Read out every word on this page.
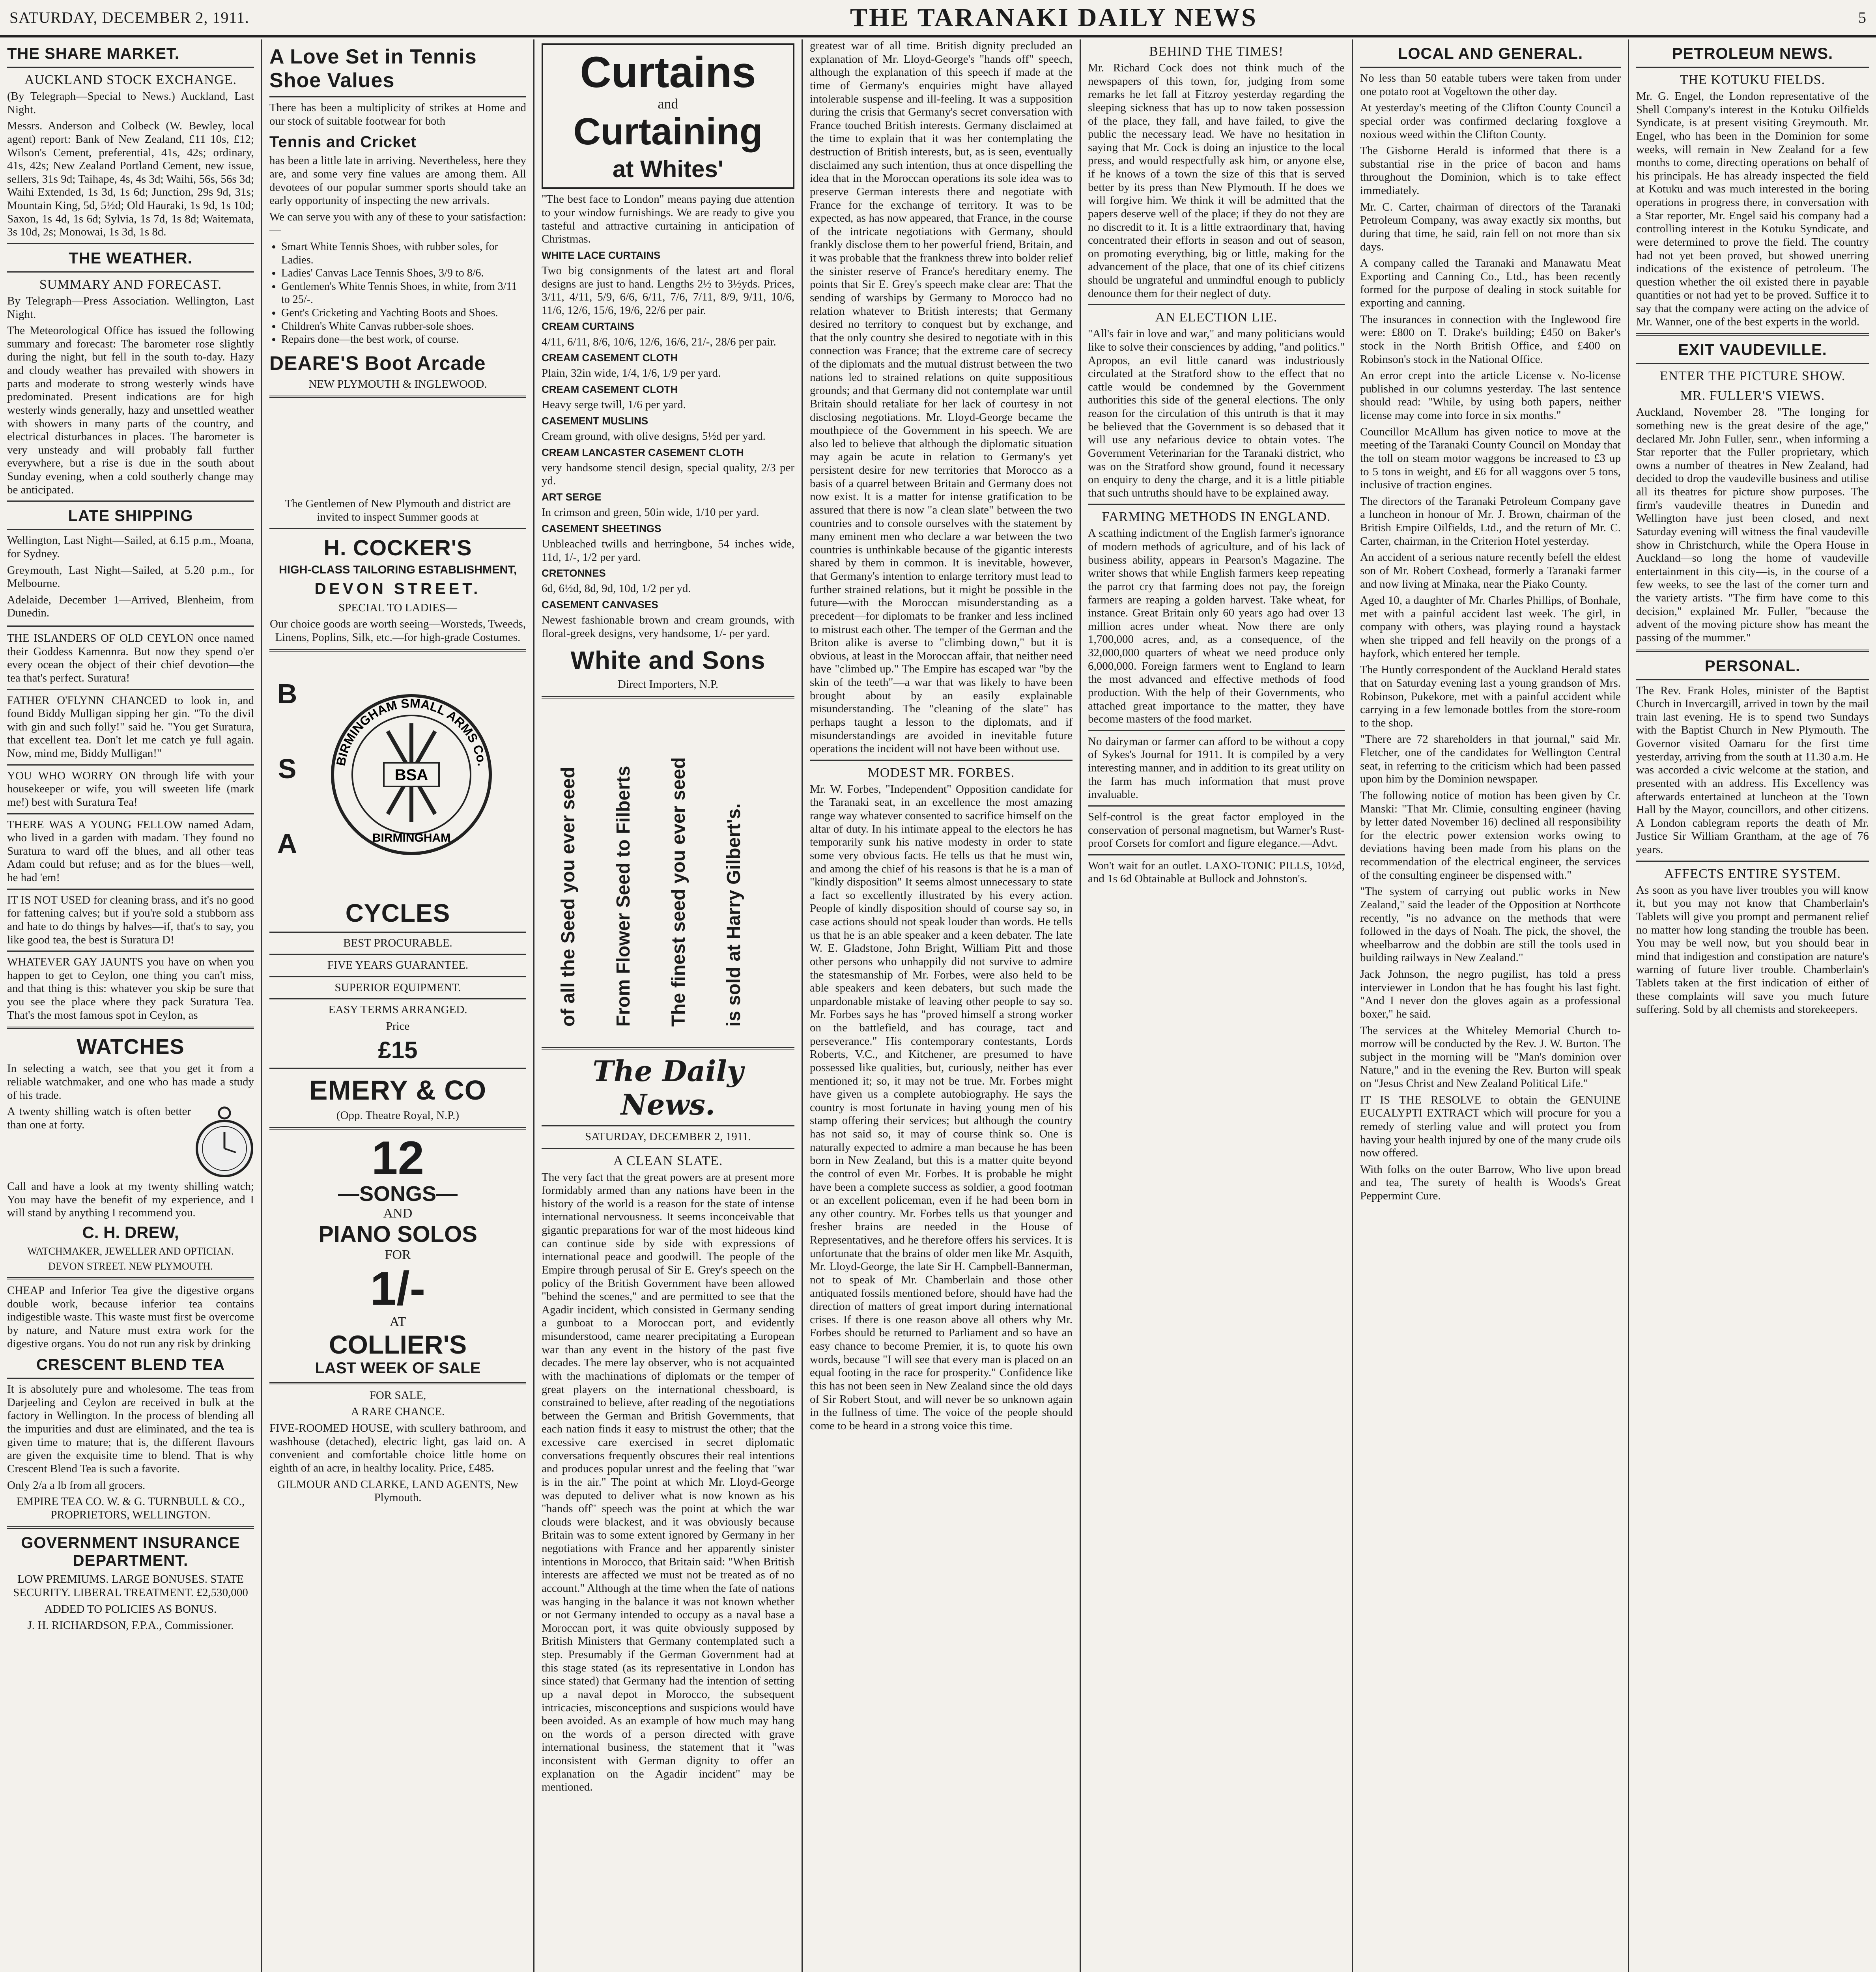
SATURDAY, DECEMBER 2, 1911.	THE TARANAKI DAILY NEWS	5
THE SHARE MARKET.
AUCKLAND STOCK EXCHANGE.

(By Telegraph—Special to News.) Auckland, Last Night.

Messrs. Anderson and Colbeck (W. Bewley, local agent) report: Bank of New Zealand, £11 10s, £12; Wilson's Cement, preferential, 41s, 42s; ordinary, 41s, 42s; New Zealand Portland Cement, new issue, sellers, 31s 9d; Taihape, 4s, 4s 3d; Waihi, 56s, 56s 3d; Waihi Extended, 1s 3d, 1s 6d; Junction, 29s 9d, 31s; Mountain King, 5d, 5½d; Old Hauraki, 1s 9d, 1s 10d; Saxon, 1s 4d, 1s 6d; Sylvia, 1s 7d, 1s 8d; Waitemata, 3s 10d, 2s; Monowai, 1s 3d, 1s 8d.

THE WEATHER.
SUMMARY AND FORECAST.

By Telegraph—Press Association. Wellington, Last Night.

The Meteorological Office has issued the following summary and forecast: The barometer rose slightly during the night, but fell in the south to-day. Hazy and cloudy weather has prevailed with showers in parts and moderate to strong westerly winds have predominated. Present indications are for high westerly winds generally, hazy and unsettled weather with showers in many parts of the country, and electrical disturbances in places. The barometer is very unsteady and will probably fall further everywhere, but a rise is due in the south about Sunday evening, when a cold southerly change may be anticipated.

LATE SHIPPING

Wellington, Last Night—Sailed, at 6.15 p.m., Moana, for Sydney.

Greymouth, Last Night—Sailed, at 5.20 p.m., for Melbourne.

Adelaide, December 1—Arrived, Blenheim, from Dunedin.

THE ISLANDERS OF OLD CEYLON once named their Goddess Kamennra. But now they spend o'er every ocean the object of their chief devotion—the tea that's perfect. Suratura!

FATHER O'FLYNN CHANCED to look in, and found Biddy Mulligan sipping her gin. "To the divil with gin and such folly!" said he. "You get Suratura, that excellent tea. Don't let me catch ye full again. Now, mind me, Biddy Mulligan!"

YOU WHO WORRY ON through life with your housekeeper or wife, you will sweeten life (mark me!) best with Suratura Tea!

THERE WAS A YOUNG FELLOW named Adam, who lived in a garden with madam. They found no Suratura to ward off the blues, and all other teas Adam could but refuse; and as for the blues—well, he had 'em!

IT IS NOT USED for cleaning brass, and it's no good for fattening calves; but if you're sold a stubborn ass and hate to do things by halves—if, that's to say, you like good tea, the best is Suratura D!

WHATEVER GAY JAUNTS you have on when you happen to get to Ceylon, one thing you can't miss, and that thing is this: whatever you skip be sure that you see the place where they pack Suratura Tea. That's the most famous spot in Ceylon, as

WATCHES

In selecting a watch, see that you get it from a reliable watchmaker, and one who has made a study of his trade.

A twenty shilling watch is often better than one at forty.

Call and have a look at my twenty shilling watch; You may have the benefit of my experience, and I will stand by anything I recommend you.

C. H. DREW,

WATCHMAKER, JEWELLER AND OPTICIAN.

DEVON STREET. NEW PLYMOUTH.

CHEAP and Inferior Tea give the digestive organs double work, because inferior tea contains indigestible waste. This waste must first be overcome by nature, and Nature must extra work for the digestive organs. You do not run any risk by drinking

CRESCENT BLEND TEA

It is absolutely pure and wholesome. The teas from Darjeeling and Ceylon are received in bulk at the factory in Wellington. In the process of blending all the impurities and dust are eliminated, and the tea is given time to mature; that is, the different flavours are given the exquisite time to blend. That is why Crescent Blend Tea is such a favorite.

Only 2/a a lb from all grocers.

EMPIRE TEA CO. W. & G. TURNBULL & CO., PROPRIETORS, WELLINGTON.

GOVERNMENT INSURANCE DEPARTMENT.

LOW PREMIUMS. LARGE BONUSES. STATE SECURITY. LIBERAL TREATMENT. £2,530,000

ADDED TO POLICIES AS BONUS.

J. H. RICHARDSON, F.P.A., Commissioner.

A Love Set in Tennis Shoe Values

There has been a multiplicity of strikes at Home and our stock of suitable footwear for both

Tennis and Cricket

has been a little late in arriving. Nevertheless, here they are, and some very fine values are among them. All devotees of our popular summer sports should take an early opportunity of inspecting the new arrivals.

We can serve you with any of these to your satisfaction:—

• Smart White Tennis Shoes, with rubber soles, for Ladies.
• Ladies' Canvas Lace Tennis Shoes, 3/9 to 8/6.
• Gentlemen's White Tennis Shoes, in white, from 3/11 to 25/-.
• Gent's Cricketing and Yachting Boots and Shoes.
• Children's White Canvas rubber-sole shoes.
• Repairs done—the best work, of course.
DEARE'S Boot Arcade

NEW PLYMOUTH & INGLEWOOD.

The Gentlemen of New Plymouth and district are invited to inspect Summer goods at

H. COCKER'S

HIGH-CLASS TAILORING ESTABLISHMENT,

DEVON STREET.

SPECIAL TO LADIES—

Our choice goods are worth seeing—Worsteds, Tweeds, Linens, Poplins, Silk, etc.—for high-grade Costumes.

B
S
A
BIRMINGHAM SMALL ARMS Co.
BSA
BIRMINGHAM
CYCLES

BEST PROCURABLE.

FIVE YEARS GUARANTEE.

SUPERIOR EQUIPMENT.

EASY TERMS ARRANGED.

Price

£15

EMERY & CO

(Opp. Theatre Royal, N.P.)

12
—SONGS—
AND
PIANO SOLOS
FOR
1/-
AT
COLLIER'S
LAST WEEK OF SALE

FOR SALE,

A RARE CHANCE.

FIVE-ROOMED HOUSE, with scullery bathroom, and washhouse (detached), electric light, gas laid on. A convenient and comfortable choice little home on eighth of an acre, in healthy locality. Price, £485.

GILMOUR AND CLARKE, LAND AGENTS, New Plymouth.

Curtains
and
Curtaining
at Whites'

"The best face to London" means paying due attention to your window furnishings. We are ready to give you tasteful and attractive curtaining in anticipation of Christmas.

WHITE LACE CURTAINS

Two big consignments of the latest art and floral designs are just to hand. Lengths 2½ to 3½yds. Prices, 3/11, 4/11, 5/9, 6/6, 6/11, 7/6, 7/11, 8/9, 9/11, 10/6, 11/6, 12/6, 15/6, 19/6, 22/6 per pair.

CREAM CURTAINS

4/11, 6/11, 8/6, 10/6, 12/6, 16/6, 21/-, 28/6 per pair.

CREAM CASEMENT CLOTH

Plain, 32in wide, 1/4, 1/6, 1/9 per yard.

CREAM CASEMENT CLOTH

Heavy serge twill, 1/6 per yard.

CASEMENT MUSLINS

Cream ground, with olive designs, 5½d per yard.

CREAM LANCASTER CASEMENT CLOTH

very handsome stencil design, special quality, 2/3 per yd.

ART SERGE

In crimson and green, 50in wide, 1/10 per yard.

CASEMENT SHEETINGS

Unbleached twills and herringbone, 54 inches wide, 11d, 1/-, 1/2 per yard.

CRETONNES

6d, 6½d, 8d, 9d, 10d, 1/2 per yd.

CASEMENT CANVASES

Newest fashionable brown and cream grounds, with floral-greek designs, very handsome, 1/- per yard.

White and Sons

Direct Importers, N.P.

of all the Seed you ever seed From Flower Seed to Filberts The finest seed you ever seed is sold at Harry Gilbert's.
The Daily News.

SATURDAY, DECEMBER 2, 1911.

A CLEAN SLATE.

The very fact that the great powers are at present more formidably armed than any nations have been in the history of the world is a reason for the state of intense international nervousness. It seems inconceivable that gigantic preparations for war of the most hideous kind can continue side by side with expressions of international peace and goodwill. The people of the Empire through perusal of Sir E. Grey's speech on the policy of the British Government have been allowed "behind the scenes," and are permitted to see that the Agadir incident, which consisted in Germany sending a gunboat to a Moroccan port, and evidently misunderstood, came nearer precipitating a European war than any event in the history of the past five decades. The mere lay observer, who is not acquainted with the machinations of diplomats or the temper of great players on the international chessboard, is constrained to believe, after reading of the negotiations between the German and British Governments, that each nation finds it easy to mistrust the other; that the excessive care exercised in secret diplomatic conversations frequently obscures their real intentions and produces popular unrest and the feeling that "war is in the air." The point at which Mr. Lloyd-George was deputed to deliver what is now known as his "hands off" speech was the point at which the war clouds were blackest, and it was obviously because Britain was to some extent ignored by Germany in her negotiations with France and her apparently sinister intentions in Morocco, that Britain said: "When British interests are affected we must not be treated as of no account." Although at the time when the fate of nations was hanging in the balance it was not known whether or not Germany intended to occupy as a naval base a Moroccan port, it was quite obviously supposed by British Ministers that Germany contemplated such a step. Presumably if the German Government had at this stage stated (as its representative in London has since stated) that Germany had the intention of setting up a naval depot in Morocco, the subsequent intricacies, misconceptions and suspicions would have been avoided. As an example of how much may hang on the words of a person directed with grave international business, the statement that it "was inconsistent with German dignity to offer an explanation on the Agadir incident" may be mentioned.

greatest war of all time. British dignity precluded an explanation of Mr. Lloyd-George's "hands off" speech, although the explanation of this speech if made at the time of Germany's enquiries might have allayed intolerable suspense and ill-feeling. It was a supposition during the crisis that Germany's secret conversation with France touched British interests. Germany disclaimed at the time to explain that it was her contemplating the destruction of British interests, but, as is seen, eventually disclaimed any such intention, thus at once dispelling the idea that in the Moroccan operations its sole idea was to preserve German interests there and negotiate with France for the exchange of territory. It was to be expected, as has now appeared, that France, in the course of the intricate negotiations with Germany, should frankly disclose them to her powerful friend, Britain, and it was probable that the frankness threw into bolder relief the sinister reserve of France's hereditary enemy. The points that Sir E. Grey's speech make clear are: That the sending of warships by Germany to Morocco had no relation whatever to British interests; that Germany desired no territory to conquest but by exchange, and that the only country she desired to negotiate with in this connection was France; that the extreme care of secrecy of the diplomats and the mutual distrust between the two nations led to strained relations on quite suppositious grounds; and that Germany did not contemplate war until Britain should retaliate for her lack of courtesy in not disclosing negotiations. Mr. Lloyd-George became the mouthpiece of the Government in his speech. We are also led to believe that although the diplomatic situation may again be acute in relation to Germany's yet persistent desire for new territories that Morocco as a basis of a quarrel between Britain and Germany does not now exist. It is a matter for intense gratification to be assured that there is now "a clean slate" between the two countries and to console ourselves with the statement by many eminent men who declare a war between the two countries is unthinkable because of the gigantic interests shared by them in common. It is inevitable, however, that Germany's intention to enlarge territory must lead to further strained relations, but it might be possible in the future—with the Moroccan misunderstanding as a precedent—for diplomats to be franker and less inclined to mistrust each other. The temper of the German and the Briton alike is averse to "climbing down," but it is obvious, at least in the Moroccan affair, that neither need have "climbed up." The Empire has escaped war "by the skin of the teeth"—a war that was likely to have been brought about by an easily explainable misunderstanding. The "cleaning of the slate" has perhaps taught a lesson to the diplomats, and if misunderstandings are avoided in inevitable future operations the incident will not have been without use.

MODEST MR. FORBES.

Mr. W. Forbes, "Independent" Opposition candidate for the Taranaki seat, in an excellence the most amazing range way whatever consented to sacrifice himself on the altar of duty. In his intimate appeal to the electors he has temporarily sunk his native modesty in order to state some very obvious facts. He tells us that he must win, and among the chief of his reasons is that he is a man of "kindly disposition" It seems almost unnecessary to state a fact so excellently illustrated by his every action. People of kindly disposition should of course say so, in case actions should not speak louder than words. He tells us that he is an able speaker and a keen debater. The late W. E. Gladstone, John Bright, William Pitt and those other persons who unhappily did not survive to admire the statesmanship of Mr. Forbes, were also held to be able speakers and keen debaters, but such made the unpardonable mistake of leaving other people to say so. Mr. Forbes says he has "proved himself a strong worker on the battlefield, and has courage, tact and perseverance." His contemporary contestants, Lords Roberts, V.C., and Kitchener, are presumed to have possessed like qualities, but, curiously, neither has ever mentioned it; so, it may not be true. Mr. Forbes might have given us a complete autobiography. He says the country is most fortunate in having young men of his stamp offering their services; but although the country has not said so, it may of course think so. One is naturally expected to admire a man because he has been born in New Zealand, but this is a matter quite beyond the control of even Mr. Forbes. It is probable he might have been a complete success as soldier, a good footman or an excellent policeman, even if he had been born in any other country. Mr. Forbes tells us that younger and fresher brains are needed in the House of Representatives, and he therefore offers his services. It is unfortunate that the brains of older men like Mr. Asquith, Mr. Lloyd-George, the late Sir H. Campbell-Bannerman, not to speak of Mr. Chamberlain and those other antiquated fossils mentioned before, should have had the direction of matters of great import during international crises. If there is one reason above all others why Mr. Forbes should be returned to Parliament and so have an easy chance to become Premier, it is, to quote his own words, because "I will see that every man is placed on an equal footing in the race for prosperity." Confidence like this has not been seen in New Zealand since the old days of Sir Robert Stout, and will never be so unknown again in the fullness of time. The voice of the people should come to be heard in a strong voice this time.

BEHIND THE TIMES!

Mr. Richard Cock does not think much of the newspapers of this town, for, judging from some remarks he let fall at Fitzroy yesterday regarding the sleeping sickness that has up to now taken possession of the place, they fall, and have failed, to give the public the necessary lead. We have no hesitation in saying that Mr. Cock is doing an injustice to the local press, and would respectfully ask him, or anyone else, if he knows of a town the size of this that is served better by its press than New Plymouth. If he does we will forgive him. We think it will be admitted that the papers deserve well of the place; if they do not they are no discredit to it. It is a little extraordinary that, having concentrated their efforts in season and out of season, on promoting everything, big or little, making for the advancement of the place, that one of its chief citizens should be ungrateful and unmindful enough to publicly denounce them for their neglect of duty.

AN ELECTION LIE.

"All's fair in love and war," and many politicians would like to solve their consciences by adding, "and politics." Apropos, an evil little canard was industriously circulated at the Stratford show to the effect that no cattle would be condemned by the Government authorities this side of the general elections. The only reason for the circulation of this untruth is that it may be believed that the Government is so debased that it will use any nefarious device to obtain votes. The Government Veterinarian for the Taranaki district, who was on the Stratford show ground, found it necessary on enquiry to deny the charge, and it is a little pitiable that such untruths should have to be explained away.

FARMING METHODS IN ENGLAND.

A scathing indictment of the English farmer's ignorance of modern methods of agriculture, and of his lack of business ability, appears in Pearson's Magazine. The writer shows that while English farmers keep repeating the parrot cry that farming does not pay, the foreign farmers are reaping a golden harvest. Take wheat, for instance. Great Britain only 60 years ago had over 13 million acres under wheat. Now there are only 1,700,000 acres, and, as a consequence, of the 32,000,000 quarters of wheat we need produce only 6,000,000. Foreign farmers went to England to learn the most advanced and effective methods of food production. With the help of their Governments, who attached great importance to the matter, they have become masters of the food market.

No dairyman or farmer can afford to be without a copy of Sykes's Journal for 1911. It is compiled by a very interesting manner, and in addition to its great utility on the farm has much information that must prove invaluable.

Self-control is the great factor employed in the conservation of personal magnetism, but Warner's Rust-proof Corsets for comfort and figure elegance.—Advt.

Won't wait for an outlet. LAXO-TONIC PILLS, 10½d, and 1s 6d Obtainable at Bullock and Johnston's.

LOCAL AND GENERAL.

No less than 50 eatable tubers were taken from under one potato root at Vogeltown the other day.

At yesterday's meeting of the Clifton County Council a special order was confirmed declaring foxglove a noxious weed within the Clifton County.

The Gisborne Herald is informed that there is a substantial rise in the price of bacon and hams throughout the Dominion, which is to take effect immediately.

Mr. C. Carter, chairman of directors of the Taranaki Petroleum Company, was away exactly six months, but during that time, he said, rain fell on not more than six days.

A company called the Taranaki and Manawatu Meat Exporting and Canning Co., Ltd., has been recently formed for the purpose of dealing in stock suitable for exporting and canning.

The insurances in connection with the Inglewood fire were: £800 on T. Drake's building; £450 on Baker's stock in the North British Office, and £400 on Robinson's stock in the National Office.

An error crept into the article License v. No-license published in our columns yesterday. The last sentence should read: "While, by using both papers, neither license may come into force in six months."

Councillor McAllum has given notice to move at the meeting of the Taranaki County Council on Monday that the toll on steam motor waggons be increased to £3 up to 5 tons in weight, and £6 for all waggons over 5 tons, inclusive of traction engines.

The directors of the Taranaki Petroleum Company gave a luncheon in honour of Mr. J. Brown, chairman of the British Empire Oilfields, Ltd., and the return of Mr. C. Carter, chairman, in the Criterion Hotel yesterday.

An accident of a serious nature recently befell the eldest son of Mr. Robert Coxhead, formerly a Taranaki farmer and now living at Minaka, near the Piako County.

Aged 10, a daughter of Mr. Charles Phillips, of Bonhale, met with a painful accident last week. The girl, in company with others, was playing round a haystack when she tripped and fell heavily on the prongs of a hayfork, which entered her temple.

The Huntly correspondent of the Auckland Herald states that on Saturday evening last a young grandson of Mrs. Robinson, Pukekore, met with a painful accident while carrying in a few lemonade bottles from the store-room to the shop.

"There are 72 shareholders in that journal," said Mr. Fletcher, one of the candidates for Wellington Central seat, in referring to the criticism which had been passed upon him by the Dominion newspaper.

The following notice of motion has been given by Cr. Manski: "That Mr. Climie, consulting engineer (having by letter dated November 16) declined all responsibility for the electric power extension works owing to deviations having been made from his plans on the recommendation of the electrical engineer, the services of the consulting engineer be dispensed with."

"The system of carrying out public works in New Zealand," said the leader of the Opposition at Northcote recently, "is no advance on the methods that were followed in the days of Noah. The pick, the shovel, the wheelbarrow and the dobbin are still the tools used in building railways in New Zealand."

Jack Johnson, the negro pugilist, has told a press interviewer in London that he has fought his last fight. "And I never don the gloves again as a professional boxer," he said.

The services at the Whiteley Memorial Church to-morrow will be conducted by the Rev. J. W. Burton. The subject in the morning will be "Man's dominion over Nature," and in the evening the Rev. Burton will speak on "Jesus Christ and New Zealand Political Life."

IT IS THE RESOLVE to obtain the GENUINE EUCALYPTI EXTRACT which will procure for you a remedy of sterling value and will protect you from having your health injured by one of the many crude oils now offered.

With folks on the outer Barrow, Who live upon bread and tea, The surety of health is Woods's Great Peppermint Cure.

PETROLEUM NEWS.
THE KOTUKU FIELDS.

Mr. G. Engel, the London representative of the Shell Company's interest in the Kotuku Oilfields Syndicate, is at present visiting Greymouth. Mr. Engel, who has been in the Dominion for some weeks, will remain in New Zealand for a few months to come, directing operations on behalf of his principals. He has already inspected the field at Kotuku and was much interested in the boring operations in progress there, in conversation with a Star reporter, Mr. Engel said his company had a controlling interest in the Kotuku Syndicate, and were determined to prove the field. The country had not yet been proved, but showed unerring indications of the existence of petroleum. The question whether the oil existed there in payable quantities or not had yet to be proved. Suffice it to say that the company were acting on the advice of Mr. Wanner, one of the best experts in the world.

EXIT VAUDEVILLE.
ENTER THE PICTURE SHOW.
MR. FULLER'S VIEWS.

Auckland, November 28. "The longing for something new is the great desire of the age," declared Mr. John Fuller, senr., when informing a Star reporter that the Fuller proprietary, which owns a number of theatres in New Zealand, had decided to drop the vaudeville business and utilise all its theatres for picture show purposes. The firm's vaudeville theatres in Dunedin and Wellington have just been closed, and next Saturday evening will witness the final vaudeville show in Christchurch, while the Opera House in Auckland—so long the home of vaudeville entertainment in this city—is, in the course of a few weeks, to see the last of the comer turn and the variety artists. "The firm have come to this decision," explained Mr. Fuller, "because the advent of the moving picture show has meant the passing of the mummer."

PERSONAL.

The Rev. Frank Holes, minister of the Baptist Church in Invercargill, arrived in town by the mail train last evening. He is to spend two Sundays with the Baptist Church in New Plymouth. The Governor visited Oamaru for the first time yesterday, arriving from the south at 11.30 a.m. He was accorded a civic welcome at the station, and presented with an address. His Excellency was afterwards entertained at luncheon at the Town Hall by the Mayor, councillors, and other citizens. A London cablegram reports the death of Mr. Justice Sir William Grantham, at the age of 76 years.

AFFECTS ENTIRE SYSTEM.

As soon as you have liver troubles you will know it, but you may not know that Chamberlain's Tablets will give you prompt and permanent relief no matter how long standing the trouble has been. You may be well now, but you should bear in mind that indigestion and constipation are nature's warning of future liver trouble. Chamberlain's Tablets taken at the first indication of either of these complaints will save you much future suffering. Sold by all chemists and storekeepers.
